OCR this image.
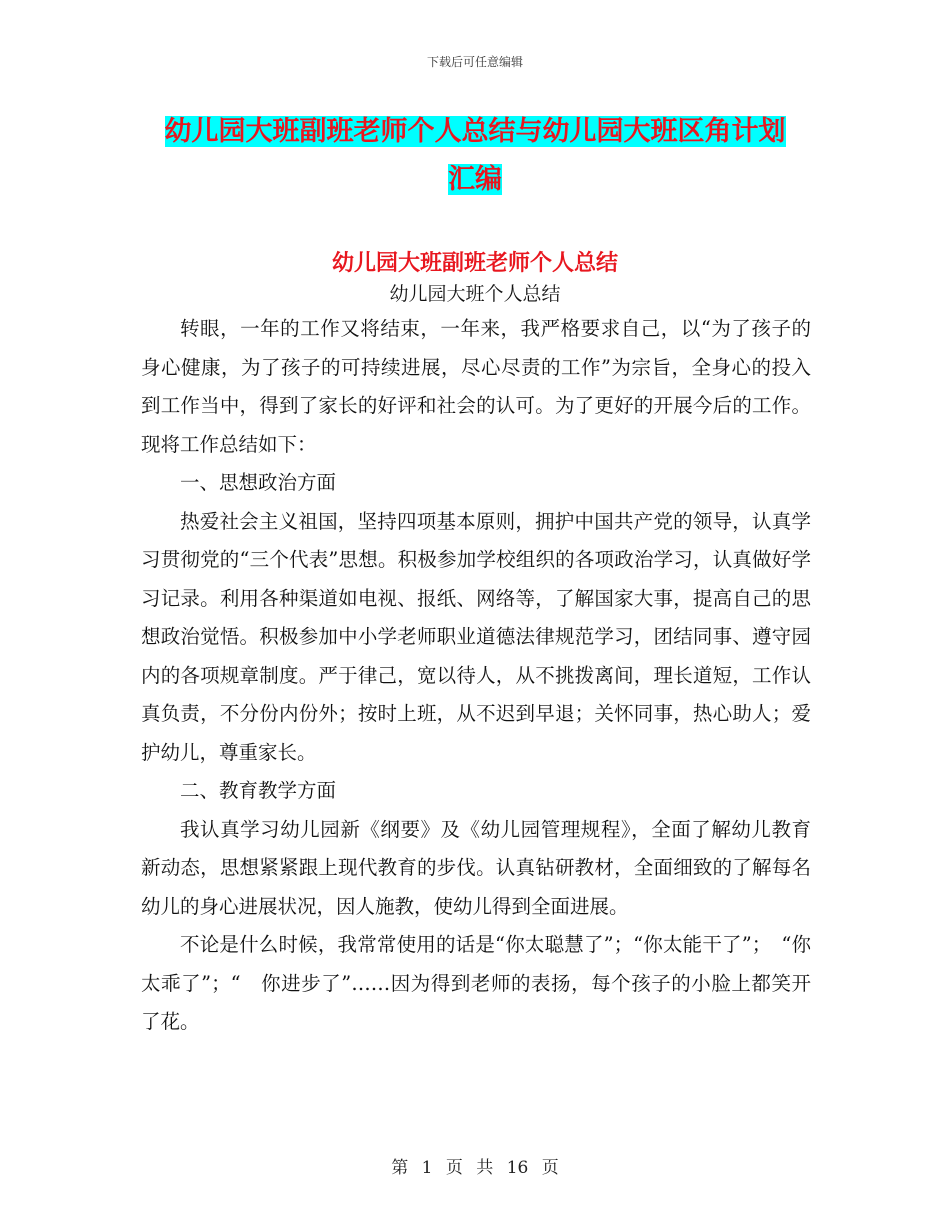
下载后可任意编辑
幼儿园大班副班老师个人总结与幼儿园大班区角计划
汇编
幼儿园大班副班老师个人总结
幼儿园大班个人总结

转眼，一年的工作又将结束，一年来，我严格要求自己，以“为了孩子的身心健康，为了孩子的可持续进展，尽心尽责的工作”为宗旨，全身心的投入到工作当中，得到了家长的好评和社会的认可。为了更好的开展今后的工作。现将工作总结如下：

一、思想政治方面

热爱社会主义祖国，坚持四项基本原则，拥护中国共产党的领导，认真学习贯彻党的“三个代表”思想。积极参加学校组织的各项政治学习，认真做好学习记录。利用各种渠道如电视、报纸、网络等，了解国家大事，提高自己的思想政治觉悟。积极参加中小学老师职业道德法律规范学习，团结同事、遵守园内的各项规章制度。严于律己，宽以待人，从不挑拨离间，理长道短，工作认真负责，不分份内份外；按时上班，从不迟到早退；关怀同事，热心助人；爱护幼儿，尊重家长。

二、教育教学方面

我认真学习幼儿园新《纲要》及《幼儿园管理规程》，全面了解幼儿教育新动态，思想紧紧跟上现代教育的步伐。认真钻研教材，全面细致的了解每名幼儿的身心进展状况，因人施教，使幼儿得到全面进展。

不论是什么时候，我常常使用的话是“你太聪慧了”；“你太能干了”；　“你太乖了”；“　你进步了”……因为得到老师的表扬，每个孩子的小脸上都笑开了花。

第 1 页 共 16 页
